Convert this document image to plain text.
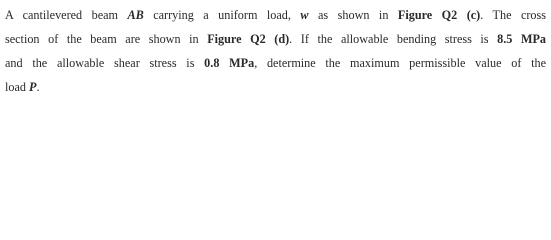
A cantilevered beam AB carrying a uniform load, w as shown in Figure Q2 (c). The cross
section of the beam are shown in Figure Q2 (d). If the allowable bending stress is 8.5 MPa
and the allowable shear stress is 0.8 MPa, determine the maximum permissible value of the
load P.
